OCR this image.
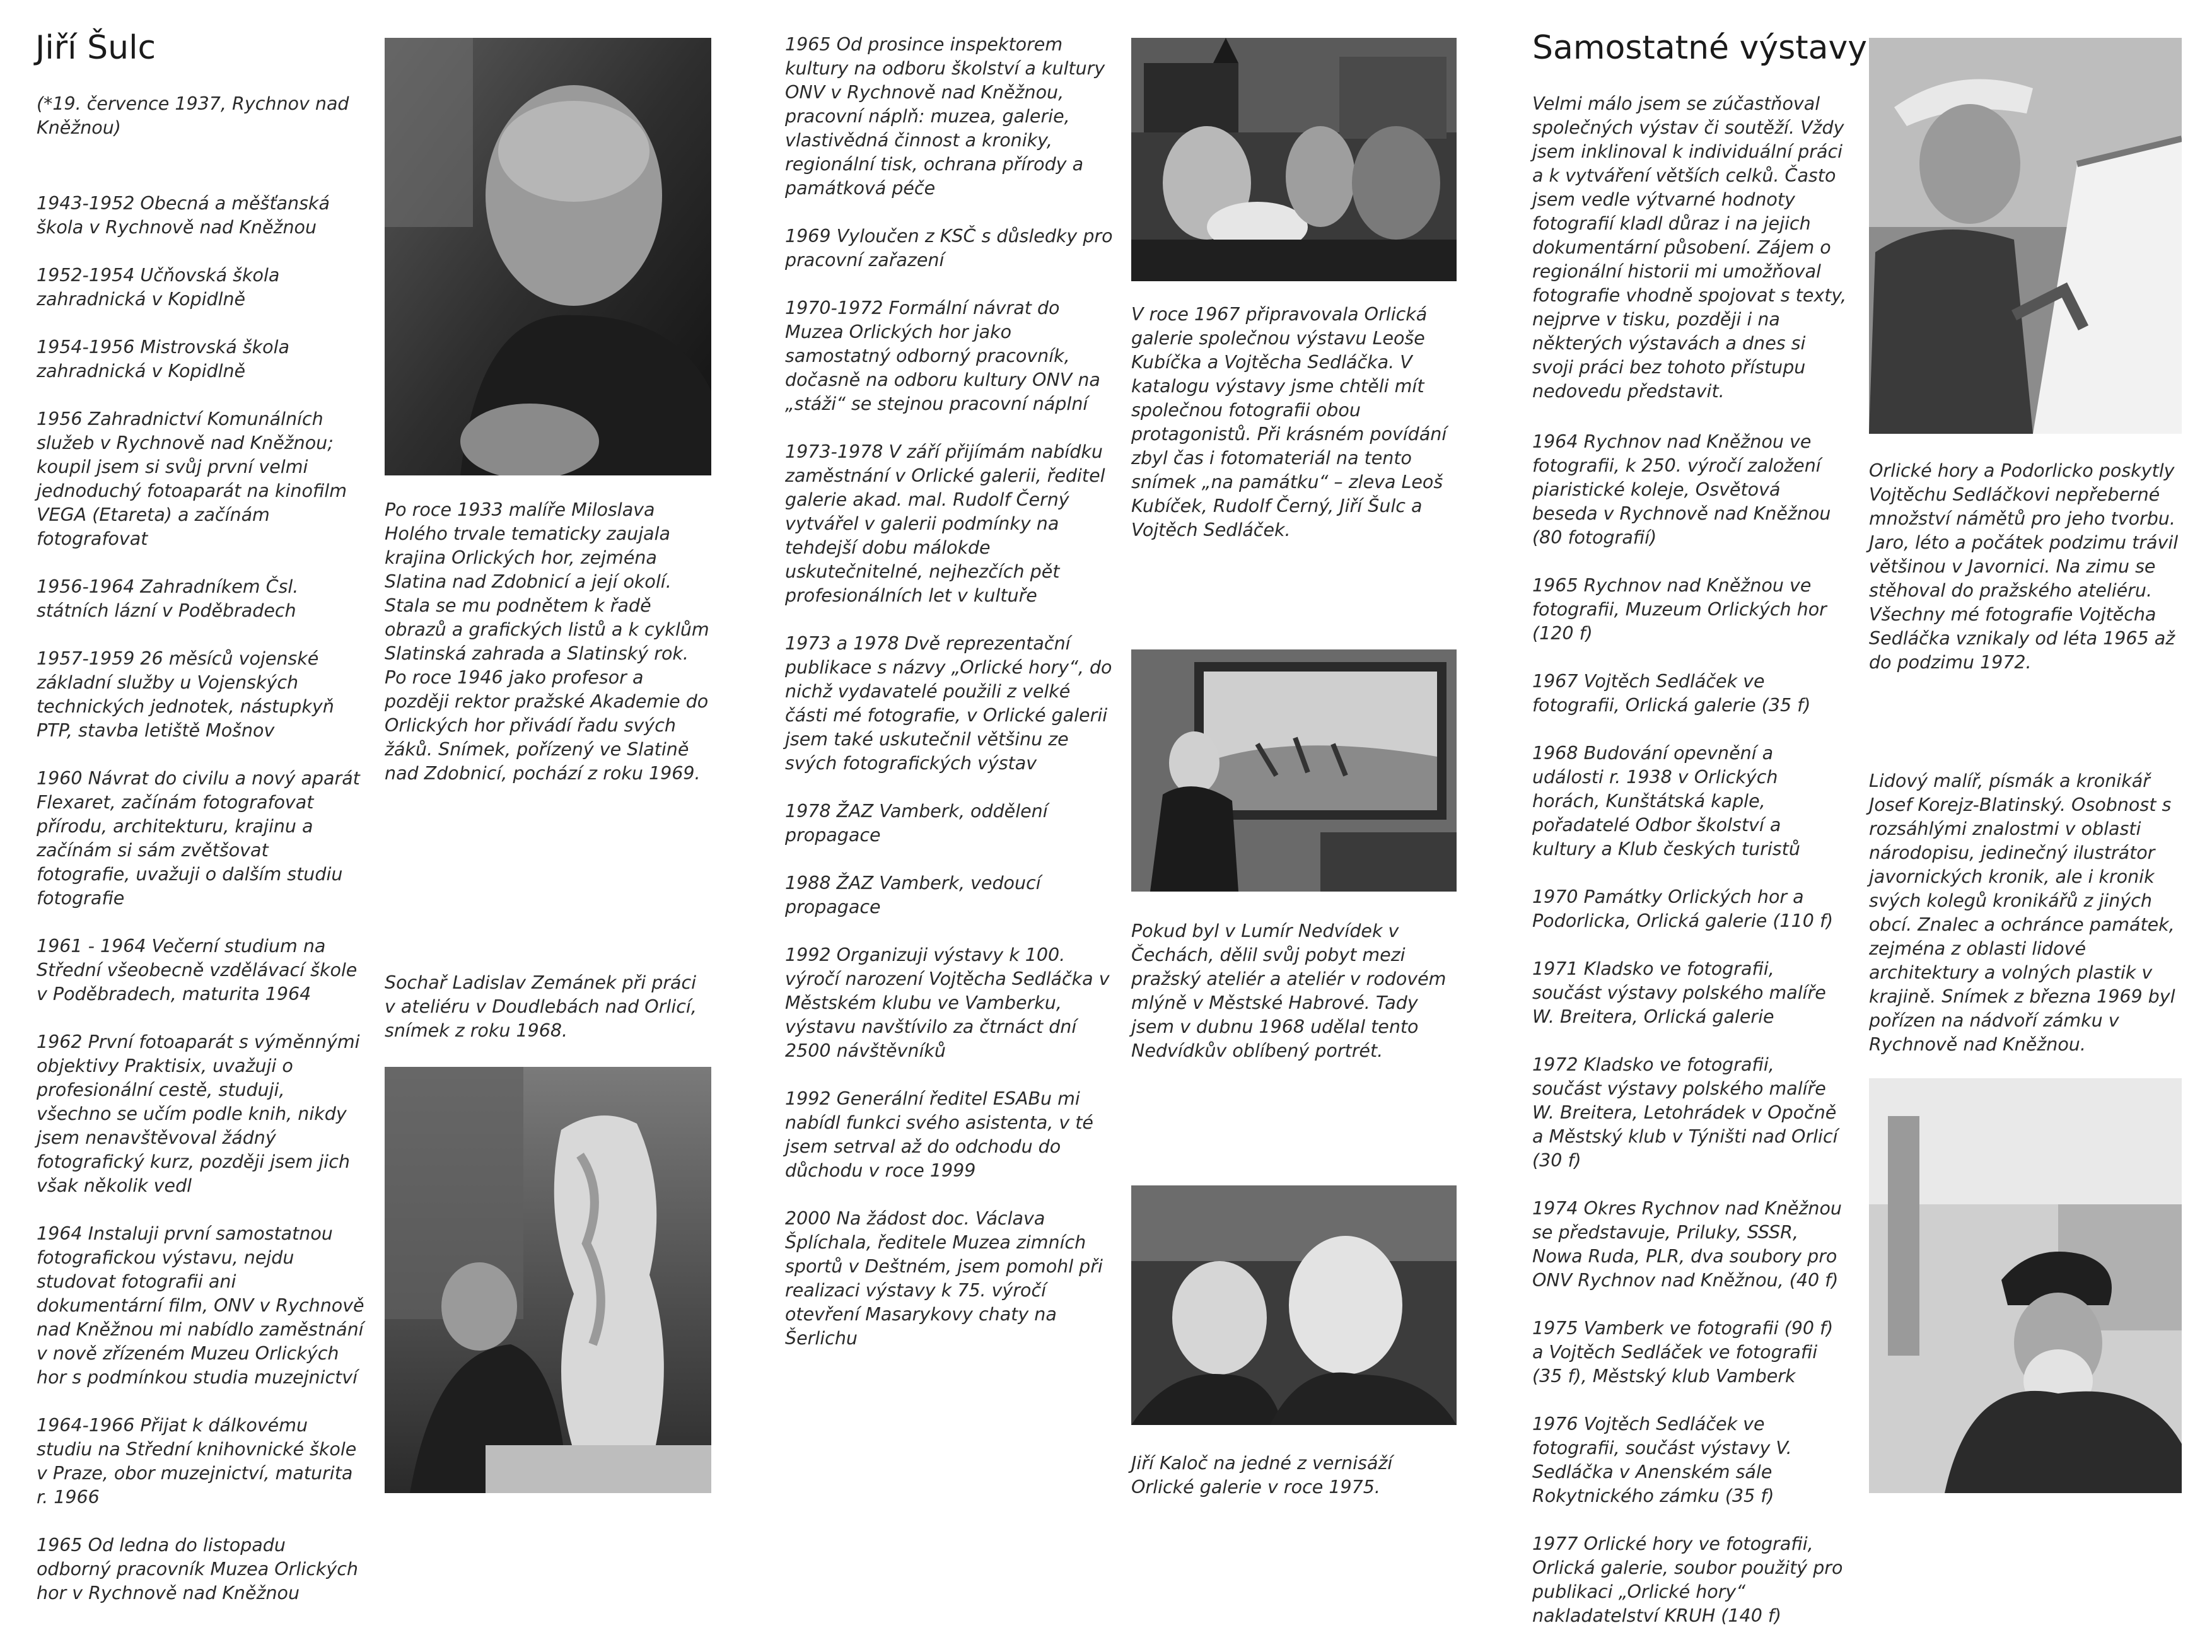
Jiří Šulc

(*19. července 1937, Rychnov nad Kněžnou)

1943-1952 Obecná a měšťanská škola v Rychnově nad Kněžnou

1952-1954 Učňovská škola zahradnická v Kopidlně

1954-1956 Mistrovská škola zahradnická v Kopidlně

1956 Zahradnictví Komunálních služeb v Rychnově nad Kněžnou; koupil jsem si svůj první velmi jednoduchý fotoaparát na kinofilm VEGA (Etareta) a začínám fotografovat

1956-1964 Zahradníkem Čsl. státních lázní v Poděbradech

1957-1959 26 měsíců vojenské základní služby u Vojenských technických jednotek, nástupkyň PTP, stavba letiště Mošnov

1960 Návrat do civilu a nový aparát Flexaret, začínám fotografovat přírodu, architekturu, krajinu a začínám si sám zvětšovat fotografie, uvažuji o dalším studiu fotografie

1961 - 1964 Večerní studium na Střední všeobecně vzdělávací škole v Poděbradech, maturita 1964

1962 První fotoaparát s výměnnými objektivy Praktisix, uvažuji o profesionální cestě, studuji, všechno se učím podle knih, nikdy jsem nenavštěvoval žádný fotografický kurz, později jsem jich však několik vedl

1964 Instaluji první samostatnou fotografickou výstavu, nejdu studovat fotografii ani dokumentární film, ONV v Rychnově nad Kněžnou mi nabídlo zaměstnání v nově zřízeném Muzeu Orlických hor s podmínkou studia muzejnictví

1964-1966 Přijat k dálkovému studiu na Střední knihovnické škole v Praze, obor muzejnictví, maturita r. 1966

1965 Od ledna do listopadu odborný pracovník Muzea Orlických hor v Rychnově nad Kněžnou

Po roce 1933 malíře Miloslava Holého trvale tematicky zaujala krajina Orlických hor, zejména Slatina nad Zdobnicí a její okolí. Stala se mu podnětem k řadě obrazů a grafických listů a k cyklům Slatinská zahrada a Slatinský rok. Po roce 1946 jako profesor a později rektor pražské Akademie do Orlických hor přivádí řadu svých žáků. Snímek, pořízený ve Slatině nad Zdobnicí, pochází z roku 1969.

Sochař Ladislav Zemánek při práci v ateliéru v Doudlebách nad Orlicí, snímek z roku 1968.

1965 Od prosince inspektorem kultury na odboru školství a kultury ONV v Rychnově nad Kněžnou, pracovní náplň: muzea, galerie, vlastivědná činnost a kroniky, regionální tisk, ochrana přírody a památková péče

1969 Vyloučen z KSČ s důsledky pro pracovní zařazení

1970-1972 Formální návrat do Muzea Orlických hor jako samostatný odborný pracovník, dočasně na odboru kultury ONV na „stáži“ se stejnou pracovní náplní

1973-1978 V září přijímám nabídku zaměstnání v Orlické galerii, ředitel galerie akad. mal. Rudolf Černý vytvářel v galerii podmínky na tehdejší dobu málokde uskutečnitelné, nejhezčích pět profesionálních let v kultuře

1973 a 1978 Dvě reprezentační publikace s názvy „Orlické hory“, do nichž vydavatelé použili z velké části mé fotografie, v Orlické galerii jsem také uskutečnil většinu ze svých fotografických výstav

1978 ŽAZ Vamberk, oddělení propagace

1988 ŽAZ Vamberk, vedoucí propagace

1992 Organizuji výstavy k 100. výročí narození Vojtěcha Sedláčka v Městském klubu ve Vamberku, výstavu navštívilo za čtrnáct dní 2500 návštěvníků

1992 Generální ředitel ESABu mi nabídl funkci svého asistenta, v té jsem setrval až do odchodu do důchodu v roce 1999

2000 Na žádost doc. Václava Šplíchala, ředitele Muzea zimních sportů v Deštném, jsem pomohl při realizaci výstavy k 75. výročí otevření Masarykovy chaty na Šerlichu

V roce 1967 připravovala Orlická galerie společnou výstavu Leoše Kubíčka a Vojtěcha Sedláčka. V katalogu výstavy jsme chtěli mít společnou fotografii obou protagonistů. Při krásném povídání zbyl čas i fotomateriál na tento snímek „na památku“ – zleva Leoš Kubíček, Rudolf Černý, Jiří Šulc a Vojtěch Sedláček.

Pokud byl v Lumír Nedvídek v Čechách, dělil svůj pobyt mezi pražský ateliér a ateliér v rodovém mlýně v Městské Habrové. Tady jsem v dubnu 1968 udělal tento Nedvídkův oblíbený portrét.

Jiří Kaloč na jedné z vernisáží Orlické galerie v roce 1975.

Samostatné výstavy

Velmi málo jsem se zúčastňoval společných výstav či soutěží. Vždy jsem inklinoval k individuální práci a k vytváření větších celků. Často jsem vedle výtvarné hodnoty fotografií kladl důraz i na jejich dokumentární působení. Zájem o regionální historii mi umožňoval fotografie vhodně spojovat s texty, nejprve v tisku, později i na některých výstavách a dnes si svoji práci bez tohoto přístupu nedovedu představit.

1964 Rychnov nad Kněžnou ve fotografii, k 250. výročí založení piaristické koleje, Osvětová beseda v Rychnově nad Kněžnou (80 fotografií)

1965 Rychnov nad Kněžnou ve fotografii, Muzeum Orlických hor (120 f)

1967 Vojtěch Sedláček ve fotografii, Orlická galerie (35 f)

1968 Budování opevnění a události r. 1938 v Orlických horách, Kunštátská kaple, pořadatelé Odbor školství a kultury a Klub českých turistů

1970 Památky Orlických hor a Podorlicka, Orlická galerie (110 f)

1971 Kladsko ve fotografii, součást výstavy polského malíře W. Breitera, Orlická galerie

1972 Kladsko ve fotografii, součást výstavy polského malíře W. Breitera, Letohrádek v Opočně a Městský klub v Týništi nad Orlicí (30 f)

1974 Okres Rychnov nad Kněžnou se představuje, Priluky, SSSR, Nowa Ruda, PLR, dva soubory pro ONV Rychnov nad Kněžnou, (40 f)

1975 Vamberk ve fotografii (90 f) a Vojtěch Sedláček ve fotografii (35 f), Městský klub Vamberk

1976 Vojtěch Sedláček ve fotografii, součást výstavy V. Sedláčka v Anenském sále Rokytnického zámku (35 f)

1977 Orlické hory ve fotografii, Orlická galerie, soubor použitý pro publikaci „Orlické hory“ nakladatelství KRUH (140 f)

Orlické hory a Podorlicko poskytly Vojtěchu Sedláčkovi nepřeberné množství námětů pro jeho tvorbu. Jaro, léto a počátek podzimu trávil většinou v Javornici. Na zimu se stěhoval do pražského ateliéru. Všechny mé fotografie Vojtěcha Sedláčka vznikaly od léta 1965 až do podzimu 1972.

Lidový malíř, písmák a kronikář Josef Korejz-Blatinský. Osobnost s rozsáhlými znalostmi v oblasti národopisu, jedinečný ilustrátor javornických kronik, ale i kronik svých kolegů kronikářů z jiných obcí. Znalec a ochránce památek, zejména z oblasti lidové architektury a volných plastik v krajině. Snímek z března 1969 byl pořízen na nádvoří zámku v Rychnově nad Kněžnou.
